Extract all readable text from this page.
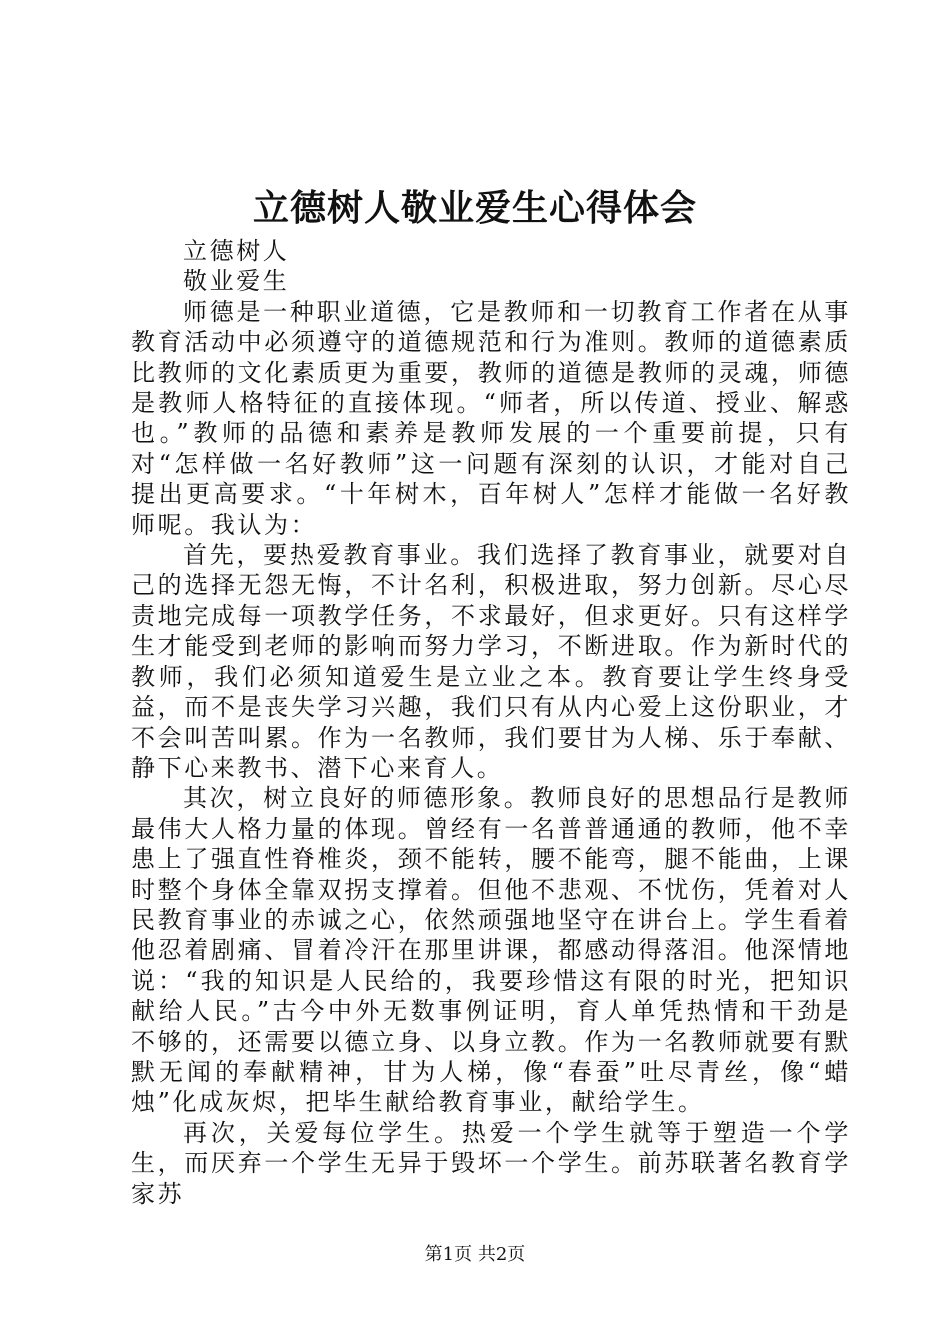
立德树人敬业爱生心得体会

立德树人

敬业爱生

师德是一种职业道德，它是教师和一切教育工作者在从事教育活动中必须遵守的道德规范和行为准则。教师的道德素质比教师的文化素质更为重要，教师的道德是教师的灵魂，师德是教师人格特征的直接体现。“师者，所以传道、授业、解惑也。”教师的品德和素养是教师发展的一个重要前提，只有对“怎样做一名好教师”这一问题有深刻的认识，才能对自己提出更高要求。“十年树木，百年树人”怎样才能做一名好教师呢。我认为：

首先，要热爱教育事业。我们选择了教育事业，就要对自己的选择无怨无悔，不计名利，积极进取，努力创新。尽心尽责地完成每一项教学任务，不求最好，但求更好。只有这样学生才能受到老师的影响而努力学习，不断进取。作为新时代的教师，我们必须知道爱生是立业之本。教育要让学生终身受益，而不是丧失学习兴趣，我们只有从内心爱上这份职业，才不会叫苦叫累。作为一名教师，我们要甘为人梯、乐于奉献、静下心来教书、潜下心来育人。

其次，树立良好的师德形象。教师良好的思想品行是教师最伟大人格力量的体现。曾经有一名普普通通的教师，他不幸患上了强直性脊椎炎，颈不能转，腰不能弯，腿不能曲，上课时整个身体全靠双拐支撑着。但他不悲观、不忧伤，凭着对人民教育事业的赤诚之心，依然顽强地坚守在讲台上。学生看着他忍着剧痛、冒着冷汗在那里讲课，都感动得落泪。他深情地说：“我的知识是人民给的，我要珍惜这有限的时光，把知识献给人民。”古今中外无数事例证明，育人单凭热情和干劲是不够的，还需要以德立身、以身立教。作为一名教师就要有默默无闻的奉献精神，甘为人梯，像“春蚕”吐尽青丝，像“蜡烛”化成灰烬，把毕生献给教育事业，献给学生。

再次，关爱每位学生。热爱一个学生就等于塑造一个学生，而厌弃一个学生无异于毁坏一个学生。前苏联著名教育学家苏

第1页 共2页
